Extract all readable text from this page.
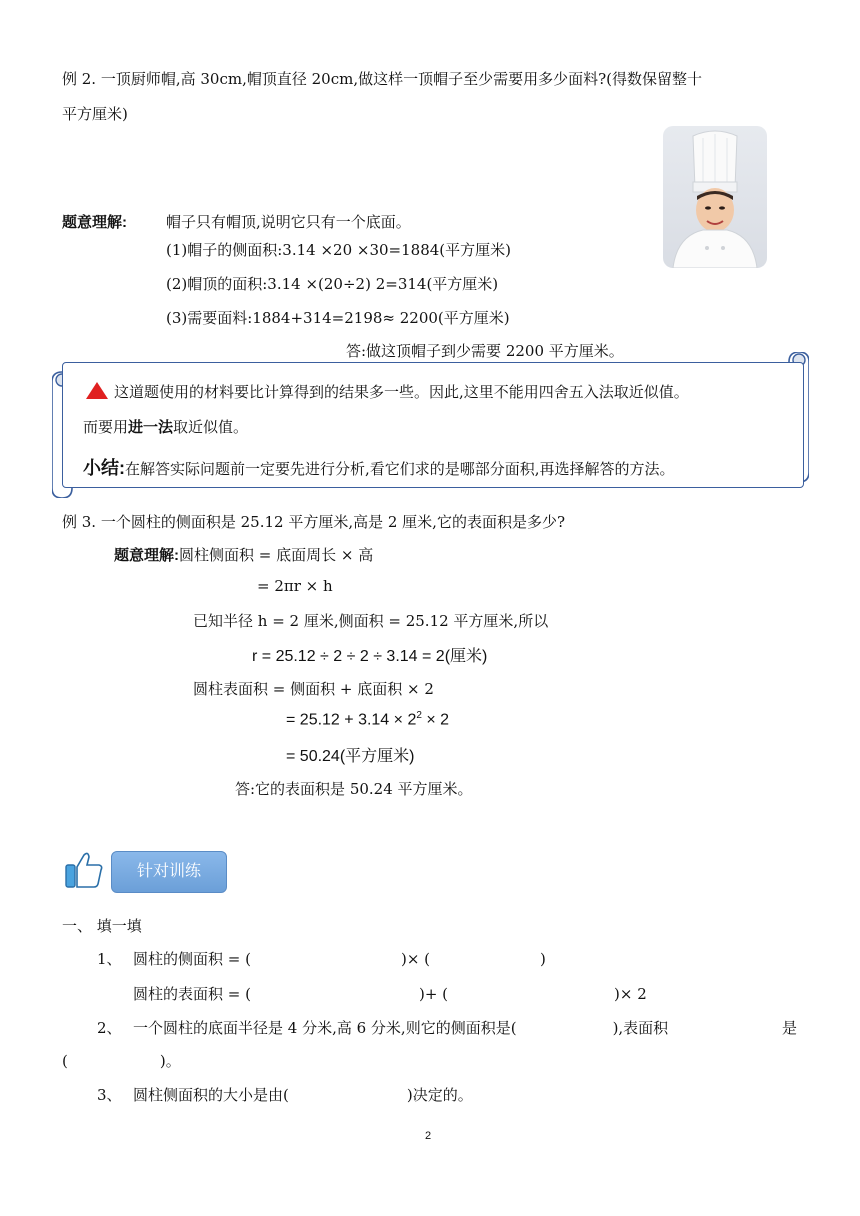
例 2. 一顶厨师帽,高 30cm,帽顶直径 20cm,做这样一顶帽子至少需要用多少面料?(得数保留整十
平方厘米)
题意理解:	帽子只有帽顶,说明它只有一个底面。
(1)帽子的侧面积:3.14 ×20 ×30=1884(平方厘米)
(2)帽顶的面积:3.14 ×(20÷2) 2=314(平方厘米)
(3)需要面料:1884+314=2198≈ 2200(平方厘米)
答:做这顶帽子到少需要 2200 平方厘米。
这道题使用的材料要比计算得到的结果多一些。因此,这里不能用四舍五入法取近似值。
而要用进一法取近似值。
小结:在解答实际问题前一定要先进行分析,看它们求的是哪部分面积,再选择解答的方法。
例 3. 一个圆柱的侧面积是 25.12 平方厘米,高是 2 厘米,它的表面积是多少?
题意理解:圆柱侧面积 = 底面周长 × 高
= 2πr × h
已知半径 h = 2 厘米,侧面积 = 25.12 平方厘米,所以
r = 25.12 ÷ 2 ÷ 2 ÷ 3.14 = 2(厘米)
圆柱表面积 = 侧面积 + 底面积 × 2
= $25.12 + 3.14 \times 2^2 \times 2$
= 50.24(平方厘米)
答:它的表面积是 50.24 平方厘米。
针对训练
一、 填一填
1、 圆柱的侧面积 = (	)× (	)
圆柱的表面积 = (	)+ (	)× 2
2、 一个圆柱的底面半径是 4 分米,高 6 分米,则它的侧面积是(	),表面积	是
(	)。
3、 圆柱侧面积的大小是由(	)决定的。
2
